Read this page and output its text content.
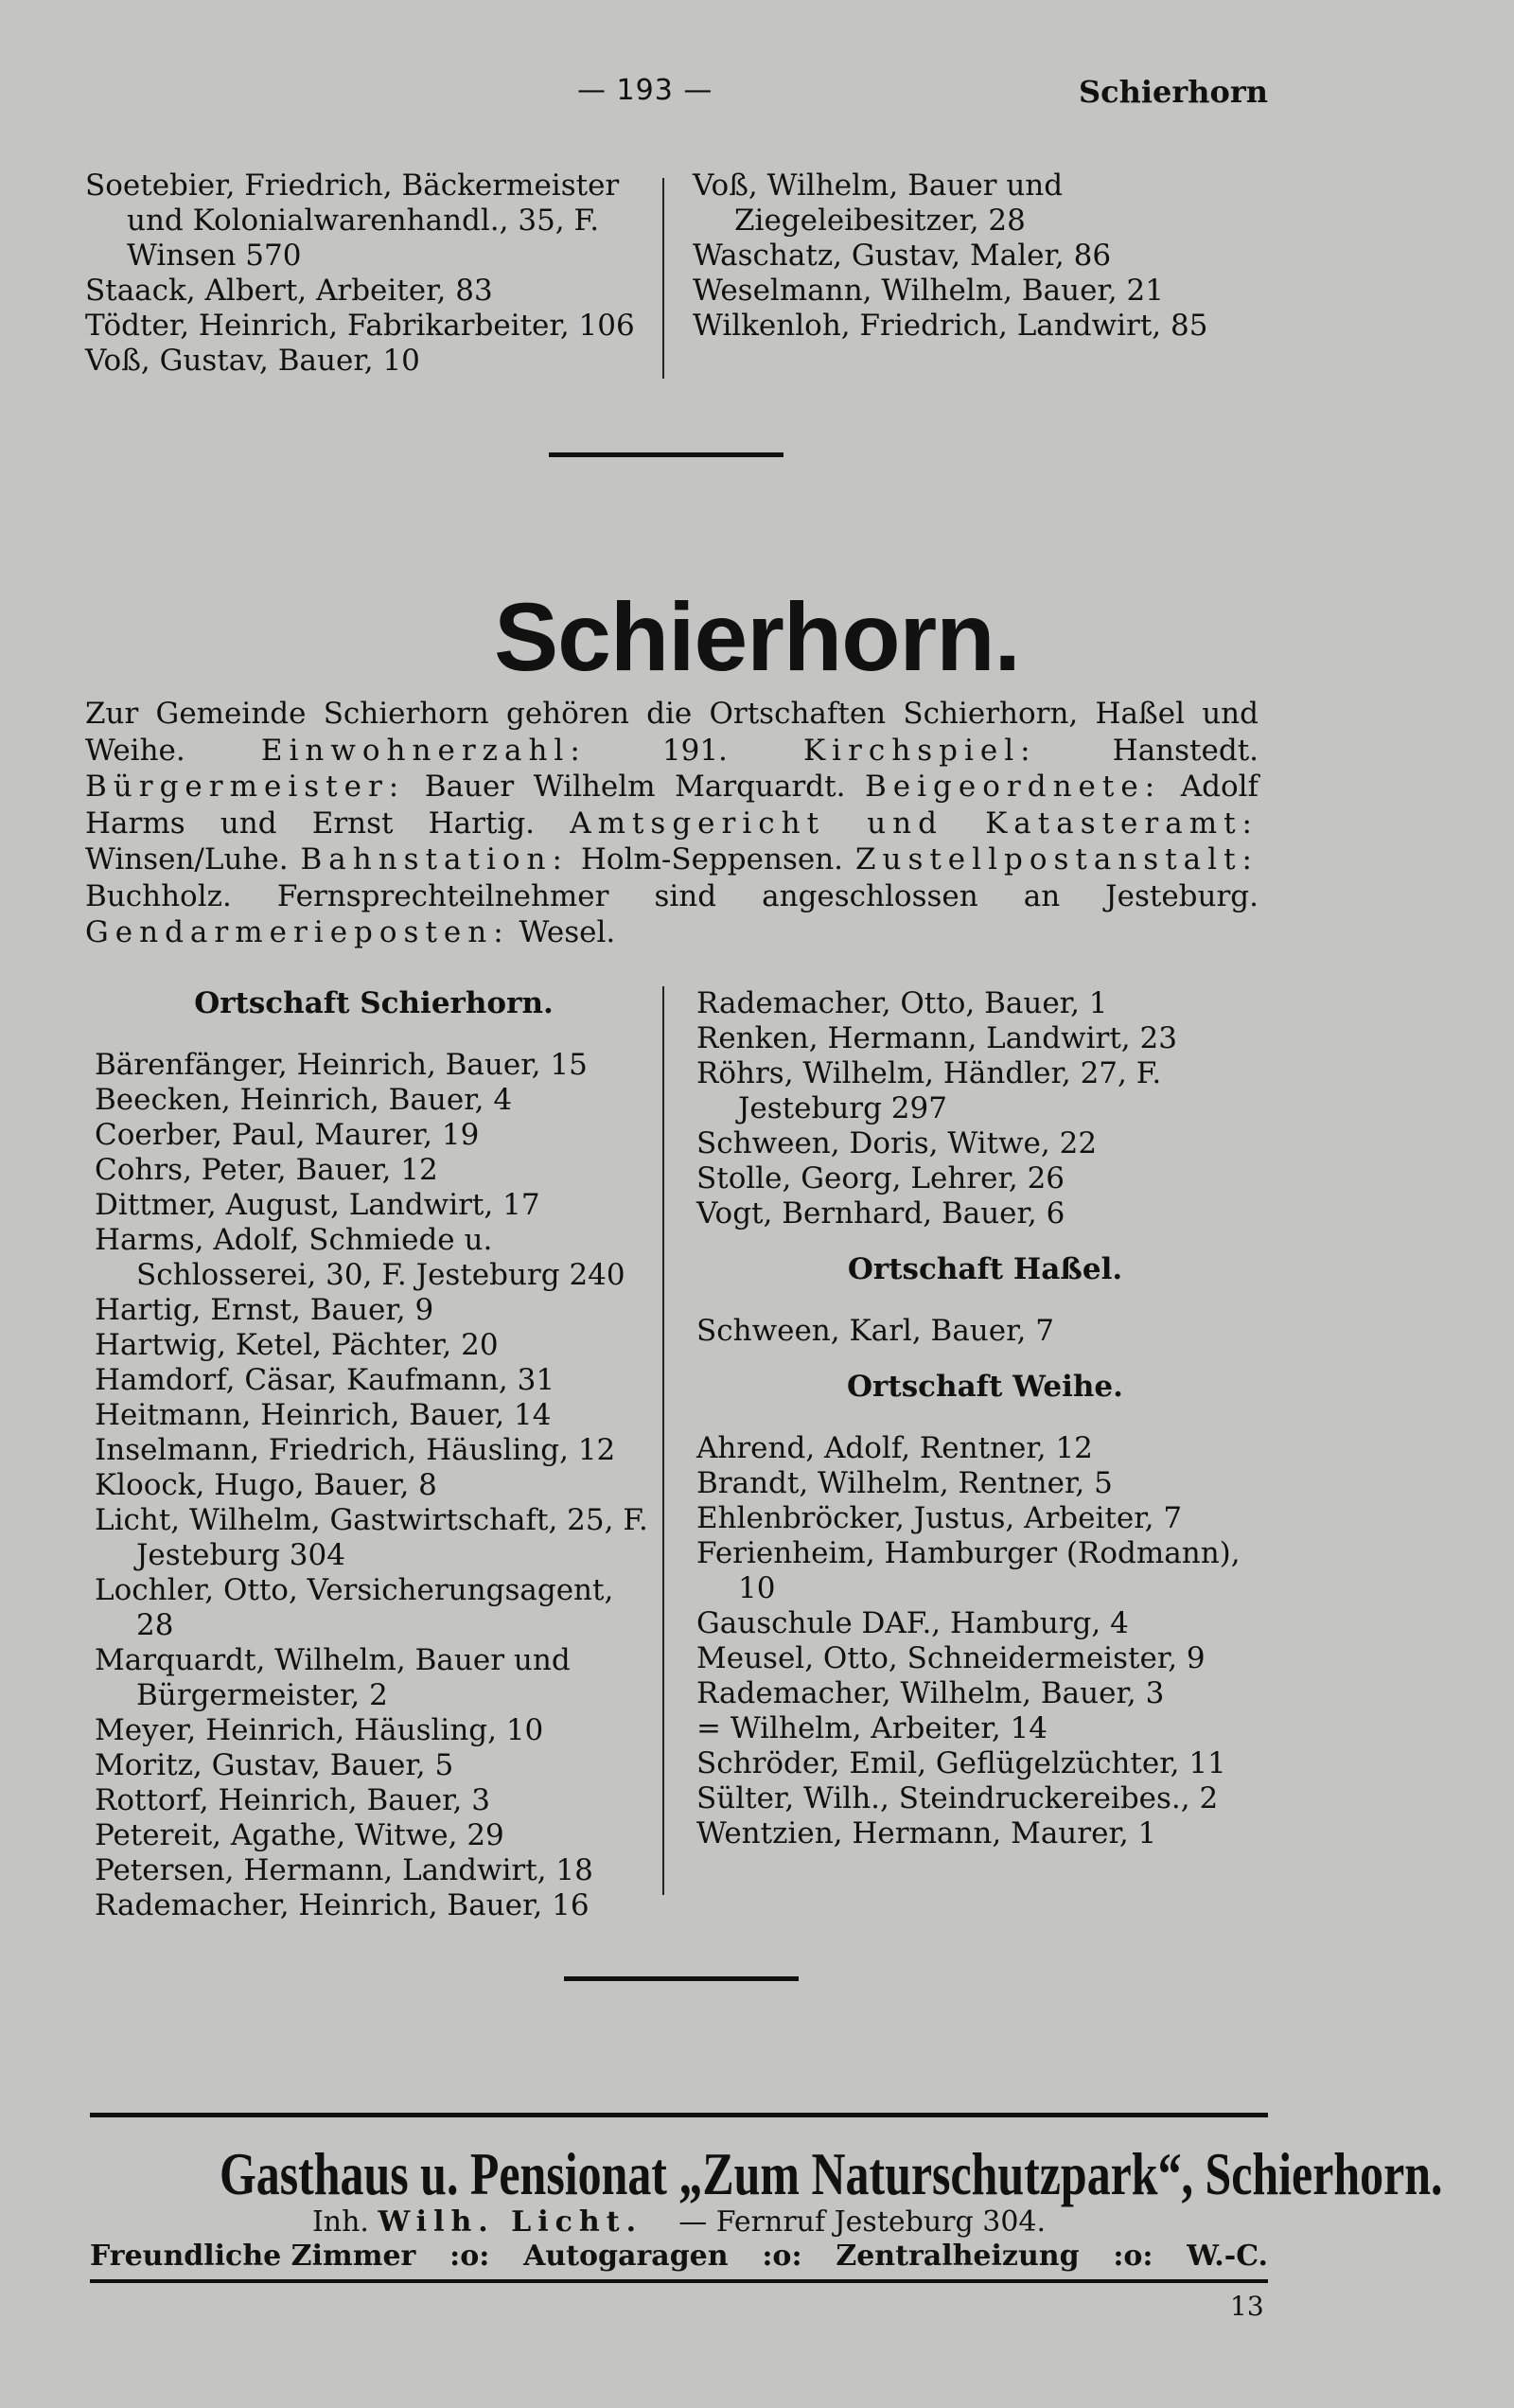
— 193 —	Schierhorn
Soetebier, Friedrich, Bäckermeister und Kolonialwarenhandl., 35, F. Winsen 570
Staack, Albert, Arbeiter, 83
Tödter, Heinrich, Fabrikarbeiter, 106
Voß, Gustav, Bauer, 10
Voß, Wilhelm, Bauer und Ziegeleibesitzer, 28
Waschatz, Gustav, Maler, 86
Weselmann, Wilhelm, Bauer, 21
Wilkenloh, Friedrich, Landwirt, 85
Schierhorn.
Zur Gemeinde Schierhorn gehören die Ortschaften Schierhorn, Haßel und Weihe. Einwohnerzahl: 191. Kirchspiel: Hanstedt. Bürgermeister: Bauer Wilhelm Marquardt. Beigeordnete: Adolf Harms und Ernst Hartig. Amtsgericht und Katasteramt: Winsen/Luhe. Bahnstation: Holm-Seppensen. Zustellpostanstalt: Buchholz. Fernsprechteilnehmer sind angeschlossen an Jesteburg. Gendarmerieposten: Wesel.
Ortschaft Schierhorn.
Bärenfänger, Heinrich, Bauer, 15
Beecken, Heinrich, Bauer, 4
Coerber, Paul, Maurer, 19
Cohrs, Peter, Bauer, 12
Dittmer, August, Landwirt, 17
Harms, Adolf, Schmiede u. Schlosserei, 30, F. Jesteburg 240
Hartig, Ernst, Bauer, 9
Hartwig, Ketel, Pächter, 20
Hamdorf, Cäsar, Kaufmann, 31
Heitmann, Heinrich, Bauer, 14
Inselmann, Friedrich, Häusling, 12
Kloock, Hugo, Bauer, 8
Licht, Wilhelm, Gastwirtschaft, 25, F. Jesteburg 304
Lochler, Otto, Versicherungsagent, 28
Marquardt, Wilhelm, Bauer und Bürgermeister, 2
Meyer, Heinrich, Häusling, 10
Moritz, Gustav, Bauer, 5
Rottorf, Heinrich, Bauer, 3
Petereit, Agathe, Witwe, 29
Petersen, Hermann, Landwirt, 18
Rademacher, Heinrich, Bauer, 16
Rademacher, Otto, Bauer, 1
Renken, Hermann, Landwirt, 23
Röhrs, Wilhelm, Händler, 27, F. Jesteburg 297
Schween, Doris, Witwe, 22
Stolle, Georg, Lehrer, 26
Vogt, Bernhard, Bauer, 6
Ortschaft Haßel.
Schween, Karl, Bauer, 7
Ortschaft Weihe.
Ahrend, Adolf, Rentner, 12
Brandt, Wilhelm, Rentner, 5
Ehlenbröcker, Justus, Arbeiter, 7
Ferienheim, Hamburger (Rodmann), 10
Gauschule DAF., Hamburg, 4
Meusel, Otto, Schneidermeister, 9
Rademacher, Wilhelm, Bauer, 3
= Wilhelm, Arbeiter, 14
Schröder, Emil, Geflügelzüchter, 11
Sülter, Wilh., Steindruckereibes., 2
Wentzien, Hermann, Maurer, 1
Gasthaus u. Pensionat „Zum Naturschutzpark“, Schierhorn.
Inh. Wilh. Licht. — Fernruf Jesteburg 304.
Freundliche Zimmer :o: Autogaragen :o: Zentralheizung :o: W.-C.
13
